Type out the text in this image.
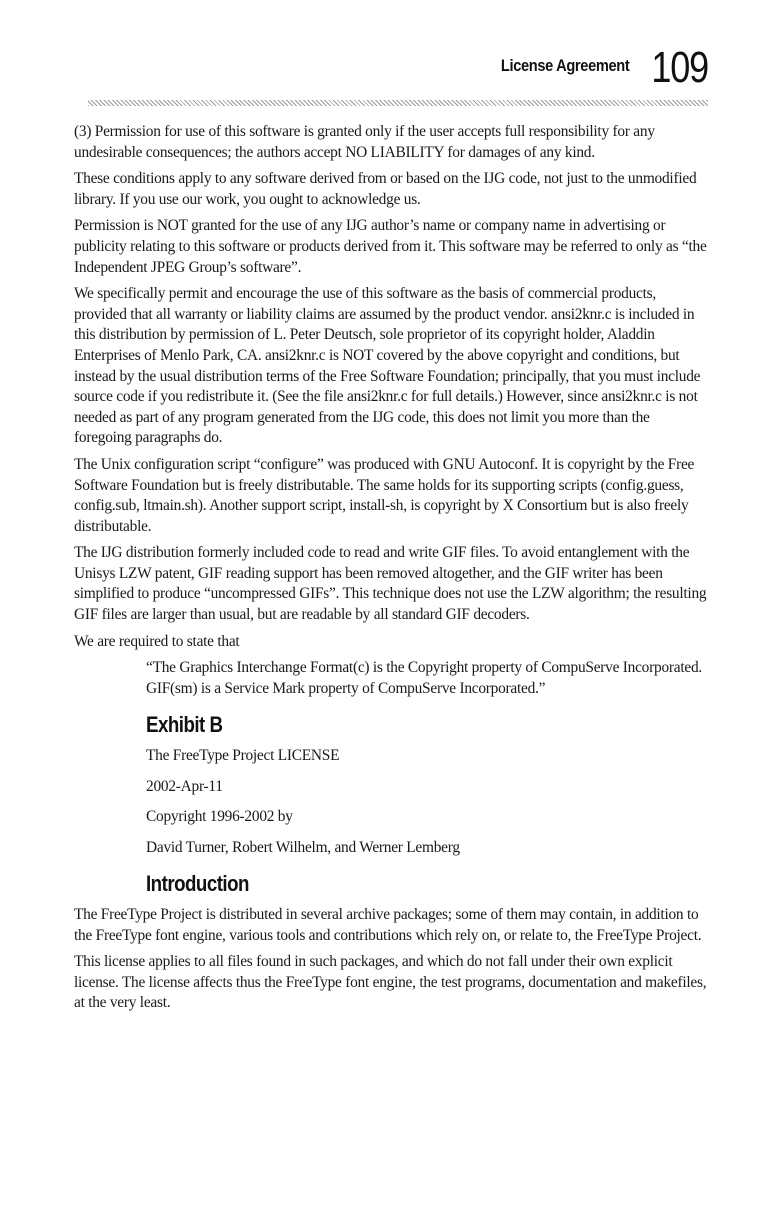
License Agreement 109

(3) Permission for use of this software is granted only if the user accepts full responsibility for any undesirable consequences; the authors accept NO LIABILITY for damages of any kind.

These conditions apply to any software derived from or based on the IJG code, not just to the unmodified library. If you use our work, you ought to acknowledge us.

Permission is NOT granted for the use of any IJG author’s name or company name in advertising or publicity relating to this software or products derived from it. This software may be referred to only as “the Independent JPEG Group’s software”.

We specifically permit and encourage the use of this software as the basis of commercial products, provided that all warranty or liability claims are assumed by the product vendor. ansi2knr.c is included in this distribution by permission of L. Peter Deutsch, sole proprietor of its copyright holder, Aladdin Enterprises of Menlo Park, CA. ansi2knr.c is NOT covered by the above copyright and conditions, but instead by the usual distribution terms of the Free Software Foundation; principally, that you must include source code if you redistribute it. (See the file ansi2knr.c for full details.) However, since ansi2knr.c is not needed as part of any program generated from the IJG code, this does not limit you more than the foregoing paragraphs do.

The Unix configuration script “configure” was produced with GNU Autoconf. It is copyright by the Free Software Foundation but is freely distributable. The same holds for its supporting scripts (config.guess, config.sub, ltmain.sh). Another support script, install-sh, is copyright by X Consortium but is also freely distributable.

The IJG distribution formerly included code to read and write GIF files. To avoid entanglement with the Unisys LZW patent, GIF reading support has been removed altogether, and the GIF writer has been simplified to produce “uncompressed GIFs”. This technique does not use the LZW algorithm; the resulting GIF files are larger than usual, but are readable by all standard GIF decoders.

We are required to state that

“The Graphics Interchange Format(c) is the Copyright property of CompuServe Incorporated. GIF(sm) is a Service Mark property of CompuServe Incorporated.”

Exhibit B

The FreeType Project LICENSE

2002-Apr-11

Copyright 1996-2002 by

David Turner, Robert Wilhelm, and Werner Lemberg

Introduction

The FreeType Project is distributed in several archive packages; some of them may contain, in addition to the FreeType font engine, various tools and contributions which rely on, or relate to, the FreeType Project.

This license applies to all files found in such packages, and which do not fall under their own explicit license. The license affects thus the FreeType font engine, the test programs, documentation and makefiles, at the very least.
